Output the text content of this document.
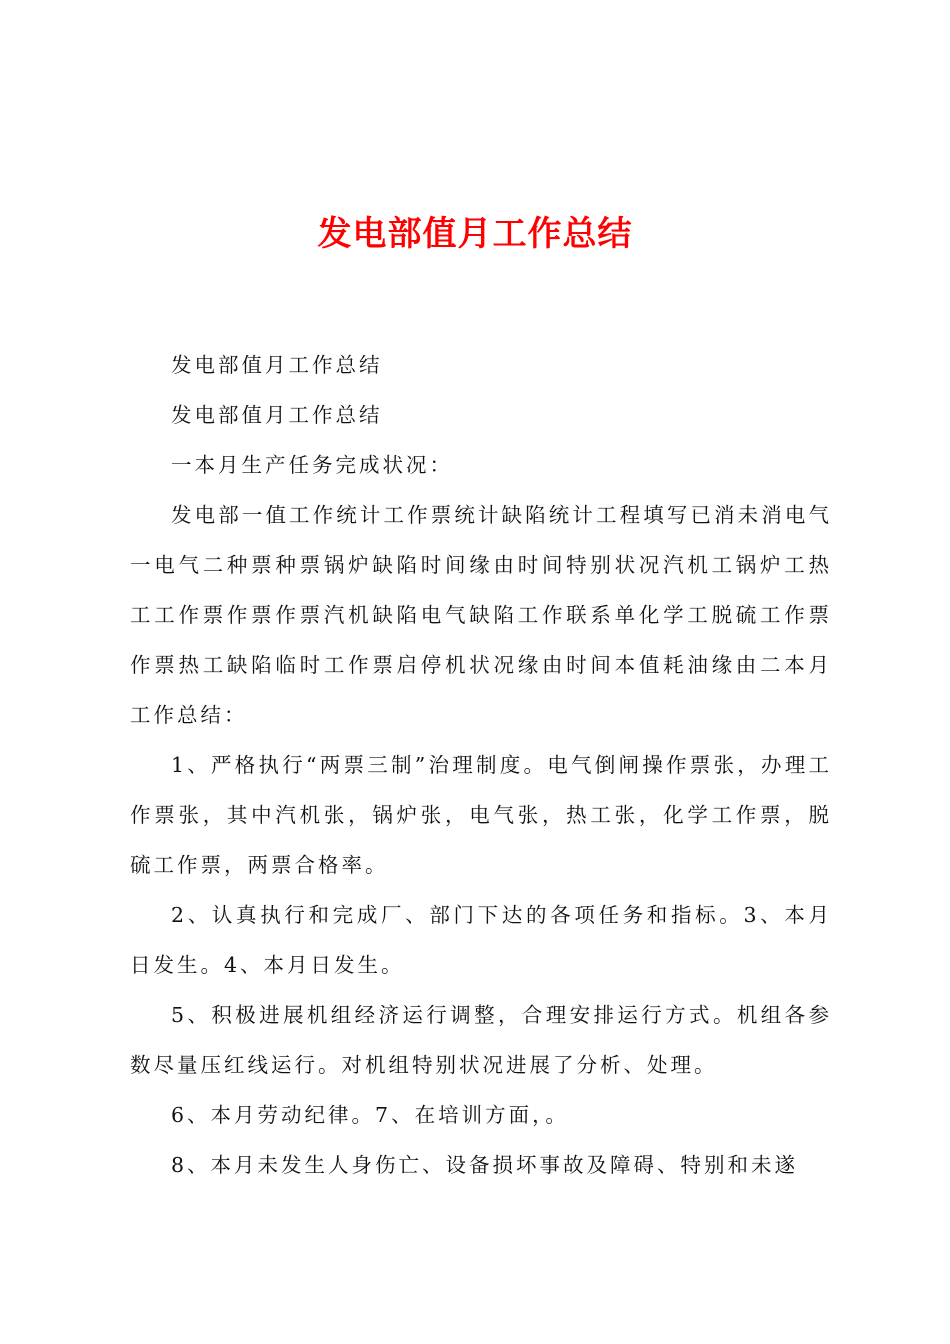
发电部值月工作总结

发电部值月工作总结

发电部值月工作总结

一本月生产任务完成状况：

发电部一值工作统计工作票统计缺陷统计工程填写已消未消电气一电气二种票种票锅炉缺陷时间缘由时间特别状况汽机工锅炉工热工工作票作票作票汽机缺陷电气缺陷工作联系单化学工脱硫工作票作票热工缺陷临时工作票启停机状况缘由时间本值耗油缘由二本月工作总结：

1、严格执行“两票三制”治理制度。电气倒闸操作票张，办理工作票张，其中汽机张，锅炉张，电气张，热工张，化学工作票，脱硫工作票，两票合格率。

2、认真执行和完成厂、部门下达的各项任务和指标。3、本月日发生。4、本月日发生。

5、积极进展机组经济运行调整，合理安排运行方式。机组各参数尽量压红线运行。对机组特别状况进展了分析、处理。

6、本月劳动纪律。7、在培训方面，。

8、本月未发生人身伤亡、设备损坏事故及障碍、特别和未遂
